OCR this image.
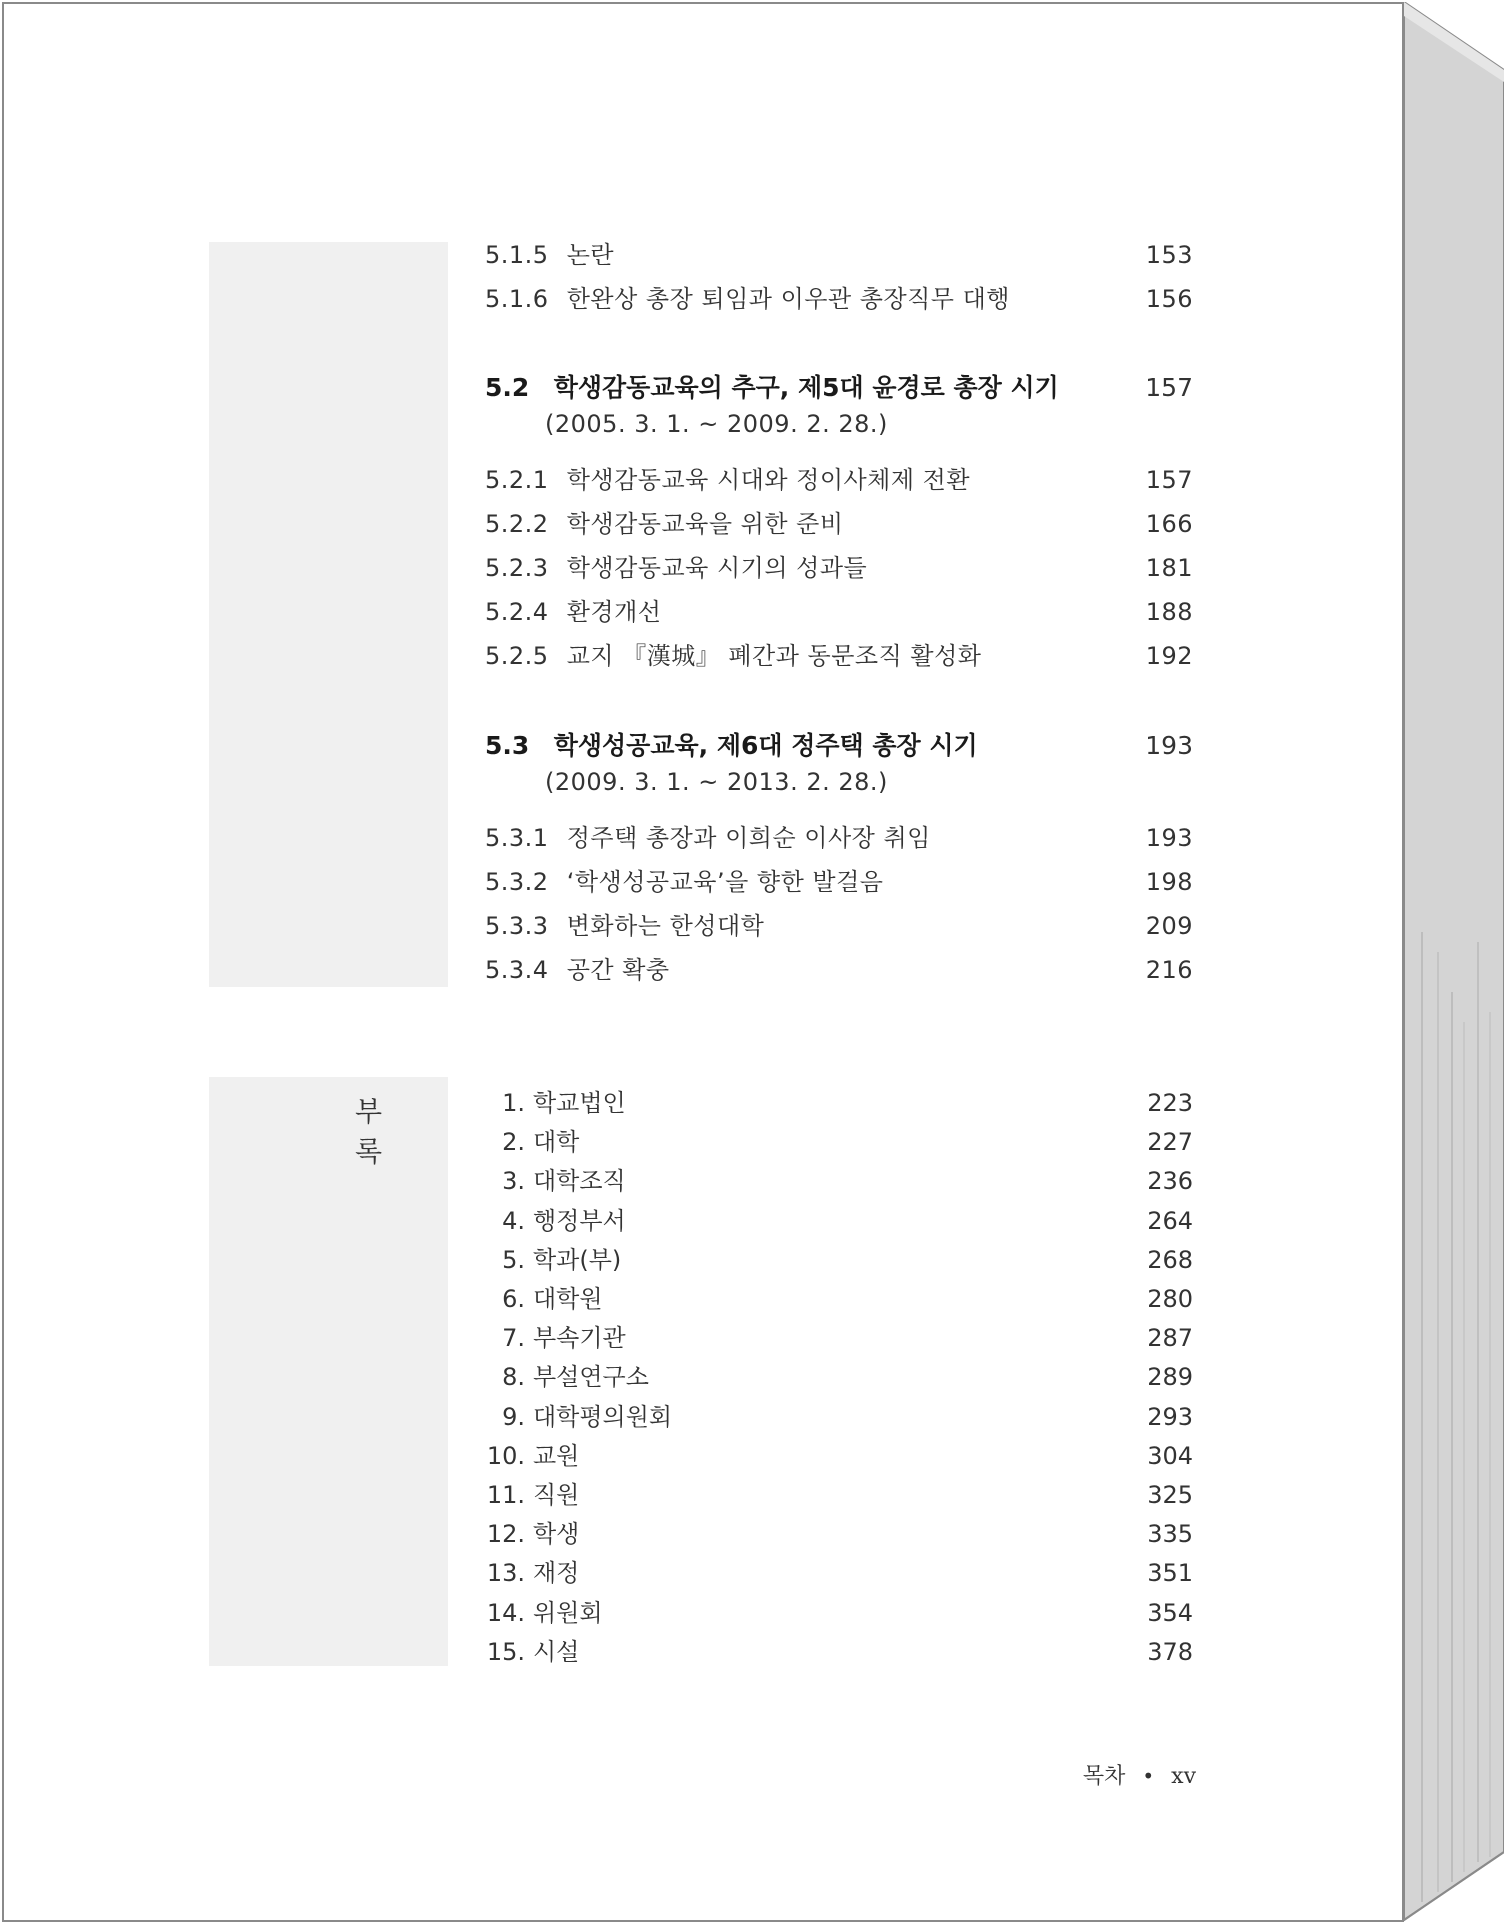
5.1.5 논란	153
5.1.6 한완상 총장 퇴임과 이우관 총장직무 대행	156
5.2 학생감동교육의 추구, 제5대 윤경로 총장 시기	157
(2005. 3. 1. ~ 2009. 2. 28.)
5.2.1 학생감동교육 시대와 정이사체제 전환	157
5.2.2 학생감동교육을 위한 준비	166
5.2.3 학생감동교육 시기의 성과들	181
5.2.4 환경개선	188
5.2.5 교지 『漢城』 폐간과 동문조직 활성화	192
5.3 학생성공교육, 제6대 정주택 총장 시기	193
(2009. 3. 1. ~ 2013. 2. 28.)
5.3.1 정주택 총장과 이희순 이사장 취임	193
5.3.2 ‘학생성공교육’을 향한 발걸음	198
5.3.3 변화하는 한성대학	209
5.3.4 공간 확충	216
부록
1. 학교법인	223
2. 대학	227
3. 대학조직	236
4. 행정부서	264
5. 학과(부)	268
6. 대학원	280
7. 부속기관	287
8. 부설연구소	289
9. 대학평의원회	293
10. 교원	304
11. 직원	325
12. 학생	335
13. 재정	351
14. 위원회	354
15. 시설	378
목차 • xv
